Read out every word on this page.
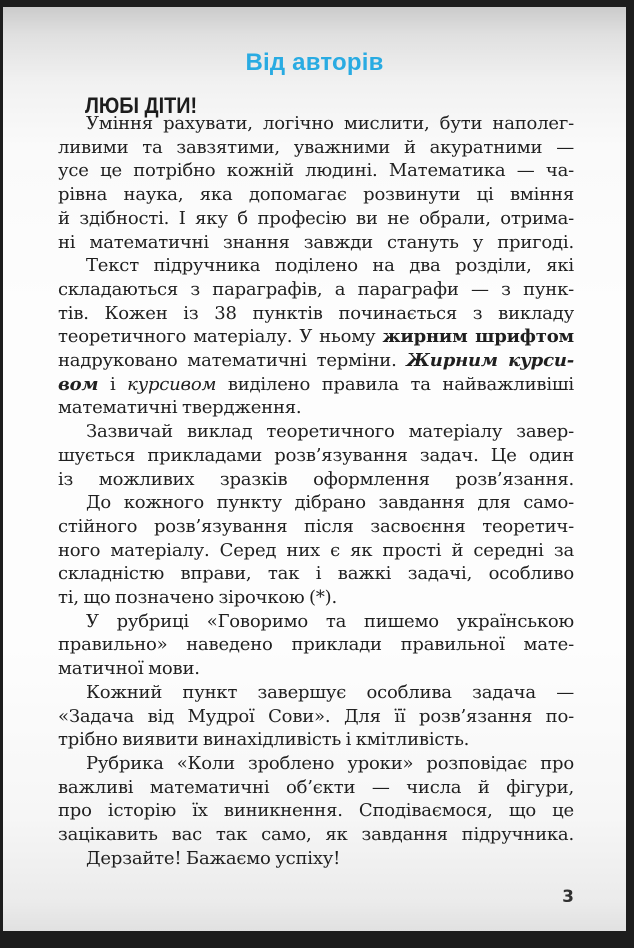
Від авторів
ЛЮБІ ДІТИ!
Уміння рахувати, логічно мислити, бути наполег-
ливими та завзятими, уважними й акуратними —
усе це потрібно кожній людині. Математика — ча-
рівна наука, яка допомагає розвинути ці вміння
й здібності. І яку б професію ви не обрали, отрима-
ні математичні знання завжди стануть у пригоді.
Текст підручника поділено на два розділи, які
складаються з параграфів, а параграфи — з пунк-
тів. Кожен із 38 пунктів починається з викладу
теоретичного матеріалу. У ньому жирним шрифтом
надруковано математичні терміни. Жирним курси-
вом і курсивом виділено правила та найважливіші
математичні твердження.
Зазвичай виклад теоретичного матеріалу завер-
шується прикладами розв’язування задач. Це один
із можливих зразків оформлення розв’язання.
До кожного пункту дібрано завдання для само-
стійного розв’язування після засвоєння теоретич-
ного матеріалу. Серед них є як прості й середні за
складністю вправи, так і важкі задачі, особливо
ті, що позначено зірочкою (*).
У рубриці «Говоримо та пишемо українською
правильно» наведено приклади правильної мате-
матичної мови.
Кожний пункт завершує особлива задача —
«Задача від Мудрої Сови». Для її розв’язання по-
трібно виявити винахідливість і кмітливість.
Рубрика «Коли зроблено уроки» розповідає про
важливі математичні об’єкти — числа й фігури,
про історію їх виникнення. Сподіваємося, що це
зацікавить вас так само, як завдання підручника.
Дерзайте! Бажаємо успіху!
3
